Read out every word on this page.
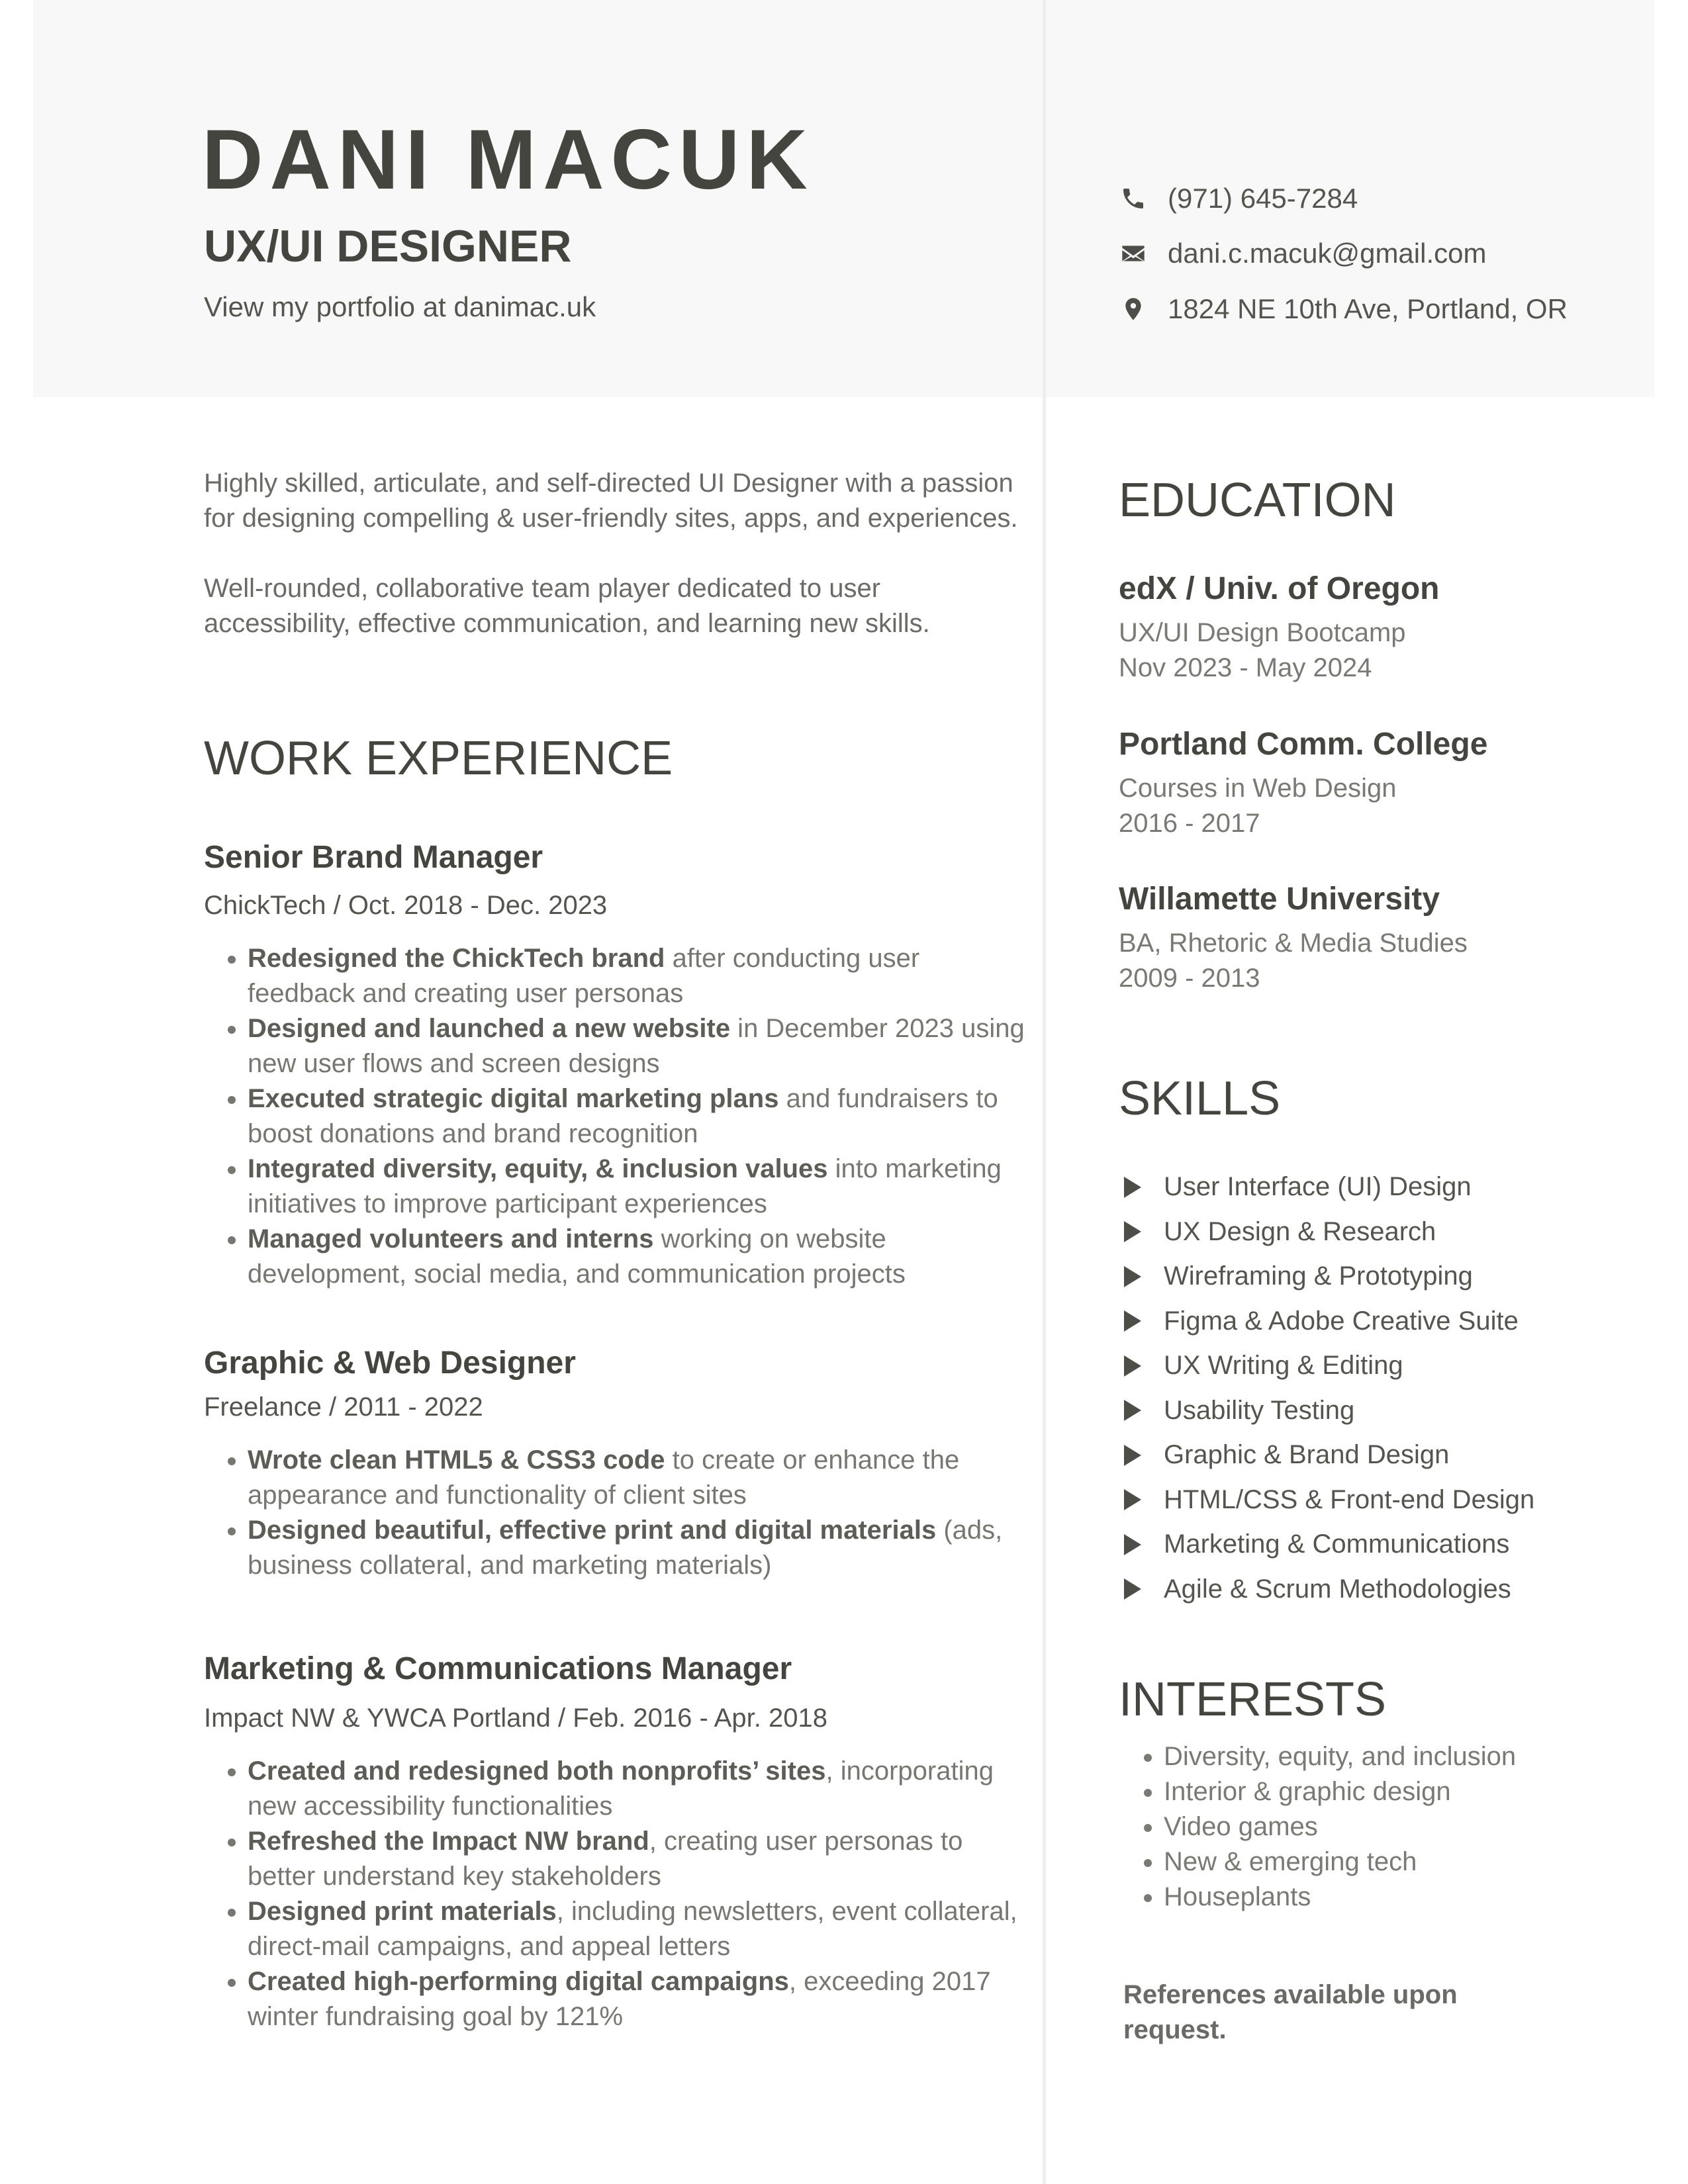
DANI MACUK
UX/UI DESIGNER
View my portfolio at danimac.uk
(971) 645-7284
dani.c.macuk@gmail.com
1824 NE 10th Ave, Portland, OR

Highly skilled, articulate, and self-directed UI Designer with a passion for designing compelling & user-friendly sites, apps, and experiences.

Well-rounded, collaborative team player dedicated to user accessibility, effective communication, and learning new skills.

WORK EXPERIENCE
Senior Brand Manager
ChickTech / Oct. 2018 - Dec. 2023
• Redesigned the ChickTech brand after conducting user feedback and creating user personas
• Designed and launched a new website in December 2023 using new user flows and screen designs
• Executed strategic digital marketing plans and fundraisers to boost donations and brand recognition
• Integrated diversity, equity, & inclusion values into marketing initiatives to improve participant experiences
• Managed volunteers and interns working on website development, social media, and communication projects
Graphic & Web Designer
Freelance / 2011 - 2022
• Wrote clean HTML5 & CSS3 code to create or enhance the appearance and functionality of client sites
• Designed beautiful, effective print and digital materials (ads, business collateral, and marketing materials)
Marketing & Communications Manager
Impact NW & YWCA Portland / Feb. 2016 - Apr. 2018
• Created and redesigned both nonprofits’ sites, incorporating new accessibility functionalities
• Refreshed the Impact NW brand, creating user personas to better understand key stakeholders
• Designed print materials, including newsletters, event collateral, direct-mail campaigns, and appeal letters
• Created high-performing digital campaigns, exceeding 2017 winter fundraising goal by 121%
EDUCATION
edX / Univ. of Oregon
UX/UI Design Bootcamp
Nov 2023 - May 2024
Portland Comm. College
Courses in Web Design
2016 - 2017
Willamette University
BA, Rhetoric & Media Studies
2009 - 2013
SKILLS
User Interface (UI) Design
UX Design & Research
Wireframing & Prototyping
Figma & Adobe Creative Suite
UX Writing & Editing
Usability Testing
Graphic & Brand Design
HTML/CSS & Front-end Design
Marketing & Communications
Agile & Scrum Methodologies
INTERESTS
• Diversity, equity, and inclusion
• Interior & graphic design
• Video games
• New & emerging tech
• Houseplants
References available upon request.
